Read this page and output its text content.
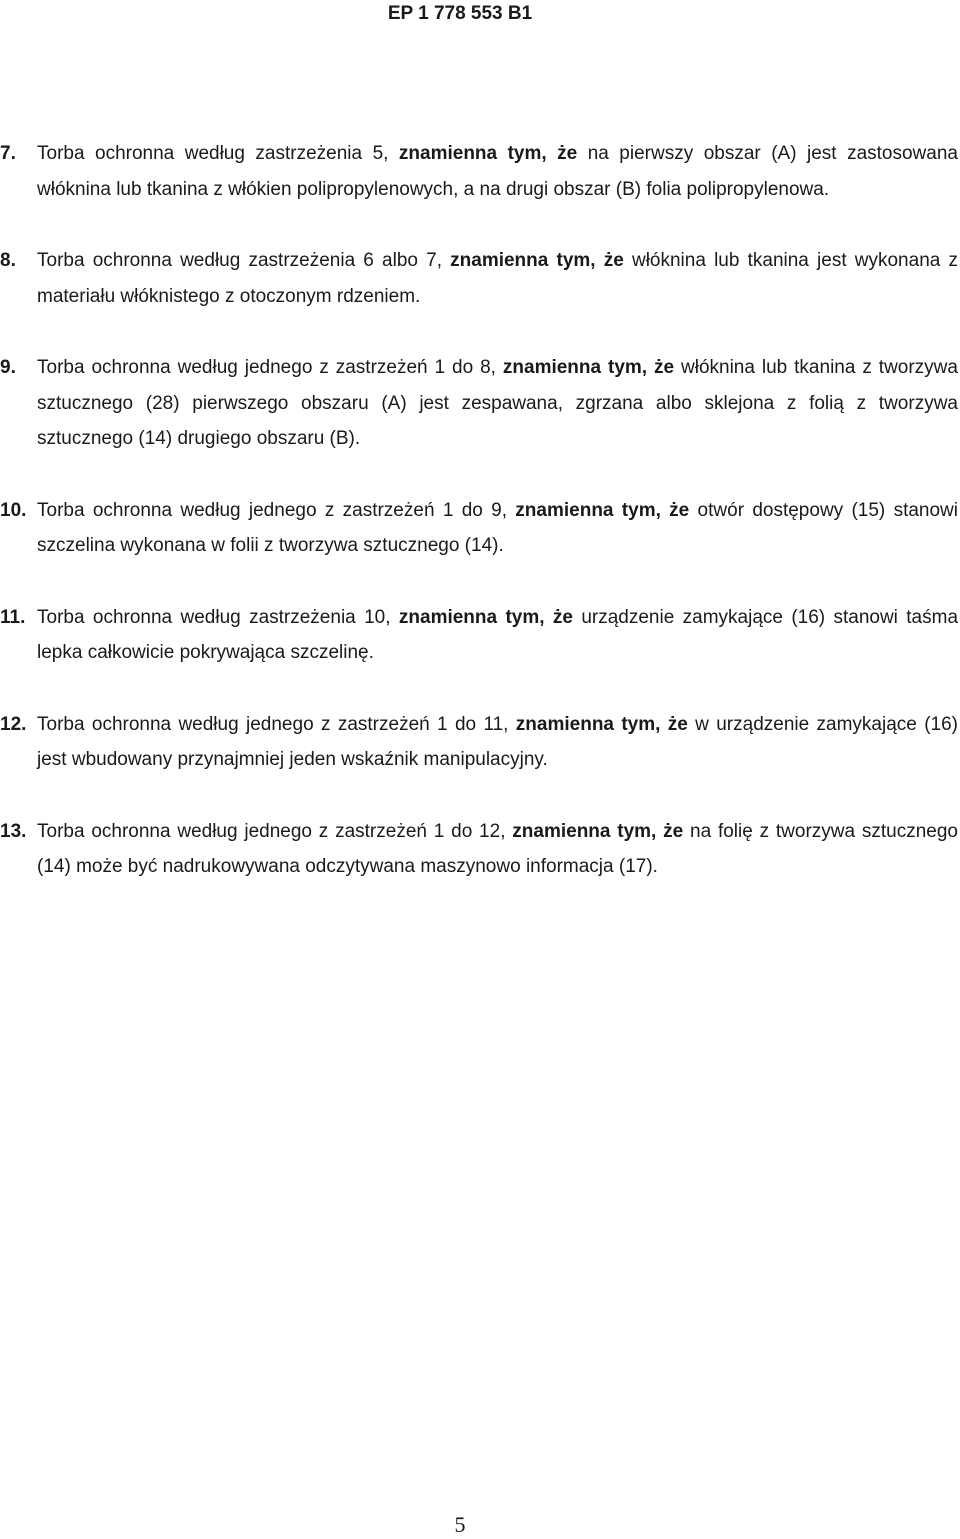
EP 1 778 553 B1

7. Torba ochronna według zastrzeżenia 5, znamienna tym, że na pierwszy obszar (A) jest zastosowana włóknina lub tkanina z włókien polipropylenowych, a na drugi obszar (B) folia polipropylenowa.

8. Torba ochronna według zastrzeżenia 6 albo 7, znamienna tym, że włóknina lub tkanina jest wykonana z materiału włóknistego z otoczonym rdzeniem.

9. Torba ochronna według jednego z zastrzeżeń 1 do 8, znamienna tym, że włóknina lub tkanina z tworzywa sztucznego (28) pierwszego obszaru (A) jest zespawana, zgrzana albo sklejona z folią z tworzywa sztucznego (14) drugiego obszaru (B).

10. Torba ochronna według jednego z zastrzeżeń 1 do 9, znamienna tym, że otwór dostępowy (15) stanowi szczelina wykonana w folii z tworzywa sztucznego (14).

11. Torba ochronna według zastrzeżenia 10, znamienna tym, że urządzenie zamykające (16) stanowi taśma lepka całkowicie pokrywająca szczelinę.

12. Torba ochronna według jednego z zastrzeżeń 1 do 11, znamienna tym, że w urządzenie zamykające (16) jest wbudowany przynajmniej jeden wskaźnik manipulacyjny.

13. Torba ochronna według jednego z zastrzeżeń 1 do 12, znamienna tym, że na folię z tworzywa sztucznego (14) może być nadrukowywana odczytywana maszynowo informacja (17).

5
